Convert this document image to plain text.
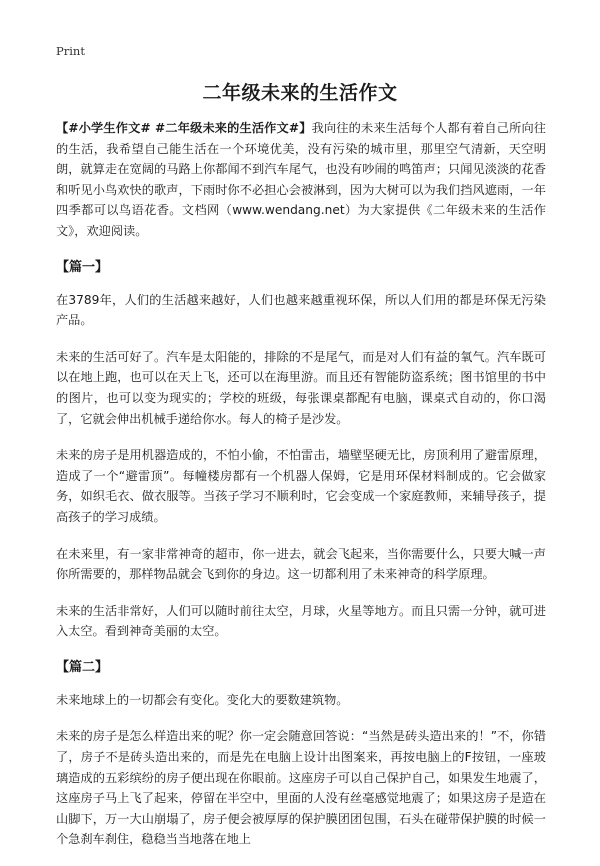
Print
二年级未来的生活作文

【#小学生作文# #二年级未来的生活作文#】我向往的未来生活每个人都有着自己所向往的生活，我希望自己能生活在一个环境优美，没有污染的城市里，那里空气清新，天空明朗，就算走在宽阔的马路上你都闻不到汽车尾气，也没有吵闹的鸣笛声；只闻见淡淡的花香和听见小鸟欢快的歌声，下雨时你不必担心会被淋到，因为大树可以为我们挡风遮雨，一年四季都可以鸟语花香。文档网（www.wendang.net）为大家提供《二年级未来的生活作文》，欢迎阅读。

【篇一】

在3789年，人们的生活越来越好，人们也越来越重视环保，所以人们用的都是环保无污染产品。

未来的生活可好了。汽车是太阳能的，排除的不是尾气，而是对人们有益的氧气。汽车既可以在地上跑，也可以在天上飞，还可以在海里游。而且还有智能防盗系统；图书馆里的书中的图片，也可以变为现实的；学校的班级，每张课桌都配有电脑，课桌式自动的，你口渴了，它就会伸出机械手递给你水。每人的椅子是沙发。

未来的房子是用机器造成的，不怕小偷，不怕雷击，墙壁坚硬无比，房顶利用了避雷原理，造成了一个“避雷顶”。每幢楼房都有一个机器人保姆，它是用环保材料制成的。它会做家务，如织毛衣、做衣服等。当孩子学习不顺利时，它会变成一个家庭教师，来辅导孩子，提高孩子的学习成绩。

在未来里，有一家非常神奇的超市，你一进去，就会飞起来，当你需要什么，只要大喊一声你所需要的，那样物品就会飞到你的身边。这一切都利用了未来神奇的科学原理。

未来的生活非常好，人们可以随时前往太空，月球，火星等地方。而且只需一分钟，就可进入太空。看到神奇美丽的太空。

【篇二】

未来地球上的一切都会有变化。变化大的要数建筑物。

未来的房子是怎么样造出来的呢？你一定会随意回答说：“当然是砖头造出来的！”不，你错了，房子不是砖头造出来的，而是先在电脑上设计出图案来，再按电脑上的F按钮，一座玻璃造成的五彩缤纷的房子便出现在你眼前。这座房子可以自己保护自己，如果发生地震了，这座房子马上飞了起来，停留在半空中，里面的人没有丝毫感觉地震了；如果这房子是造在山脚下，万一大山崩塌了，房子便会被厚厚的保护膜团团包围，石头在碰带保护膜的时候一个急刹车刹住，稳稳当当地落在地上
